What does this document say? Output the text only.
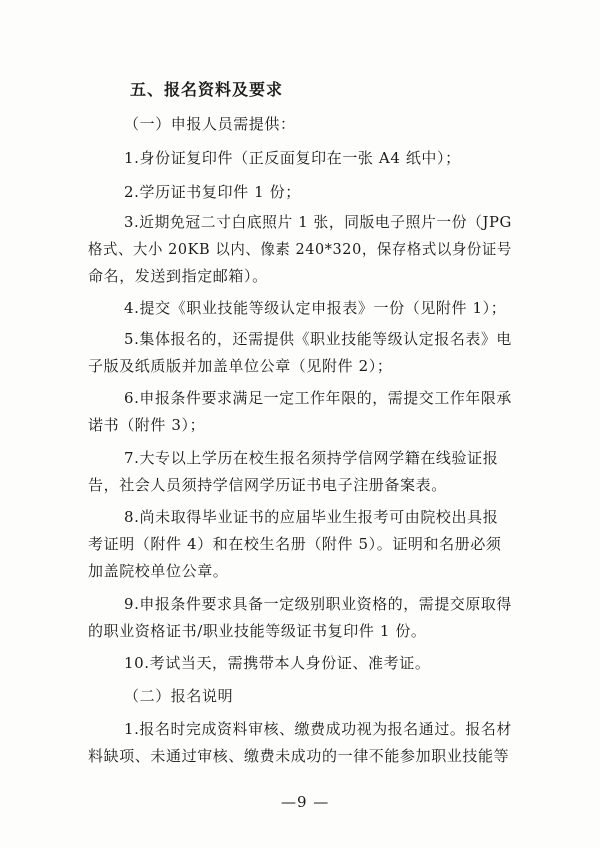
五、报名资料及要求
（一）申报人员需提供：
1.身份证复印件（正反面复印在一张 A4 纸中）；
2.学历证书复印件 1 份；
3.近期免冠二寸白底照片 1 张，同版电子照片一份（JPG
格式、大小 20KB 以内、像素 240*320，保存格式以身份证号
命名，发送到指定邮箱）。
4.提交《职业技能等级认定申报表》一份（见附件 1）；
5.集体报名的，还需提供《职业技能等级认定报名表》电
子版及纸质版并加盖单位公章（见附件 2）；
6.申报条件要求满足一定工作年限的，需提交工作年限承
诺书（附件 3）；
7.大专以上学历在校生报名须持学信网学籍在线验证报
告，社会人员须持学信网学历证书电子注册备案表。
8.尚未取得毕业证书的应届毕业生报考可由院校出具报
考证明（附件 4）和在校生名册（附件 5）。证明和名册必须
加盖院校单位公章。
9.申报条件要求具备一定级别职业资格的，需提交原取得
的职业资格证书/职业技能等级证书复印件 1 份。
10.考试当天，需携带本人身份证、准考证。
（二）报名说明
1.报名时完成资料审核、缴费成功视为报名通过。报名材
料缺项、未通过审核、缴费未成功的一律不能参加职业技能等
—9 —
